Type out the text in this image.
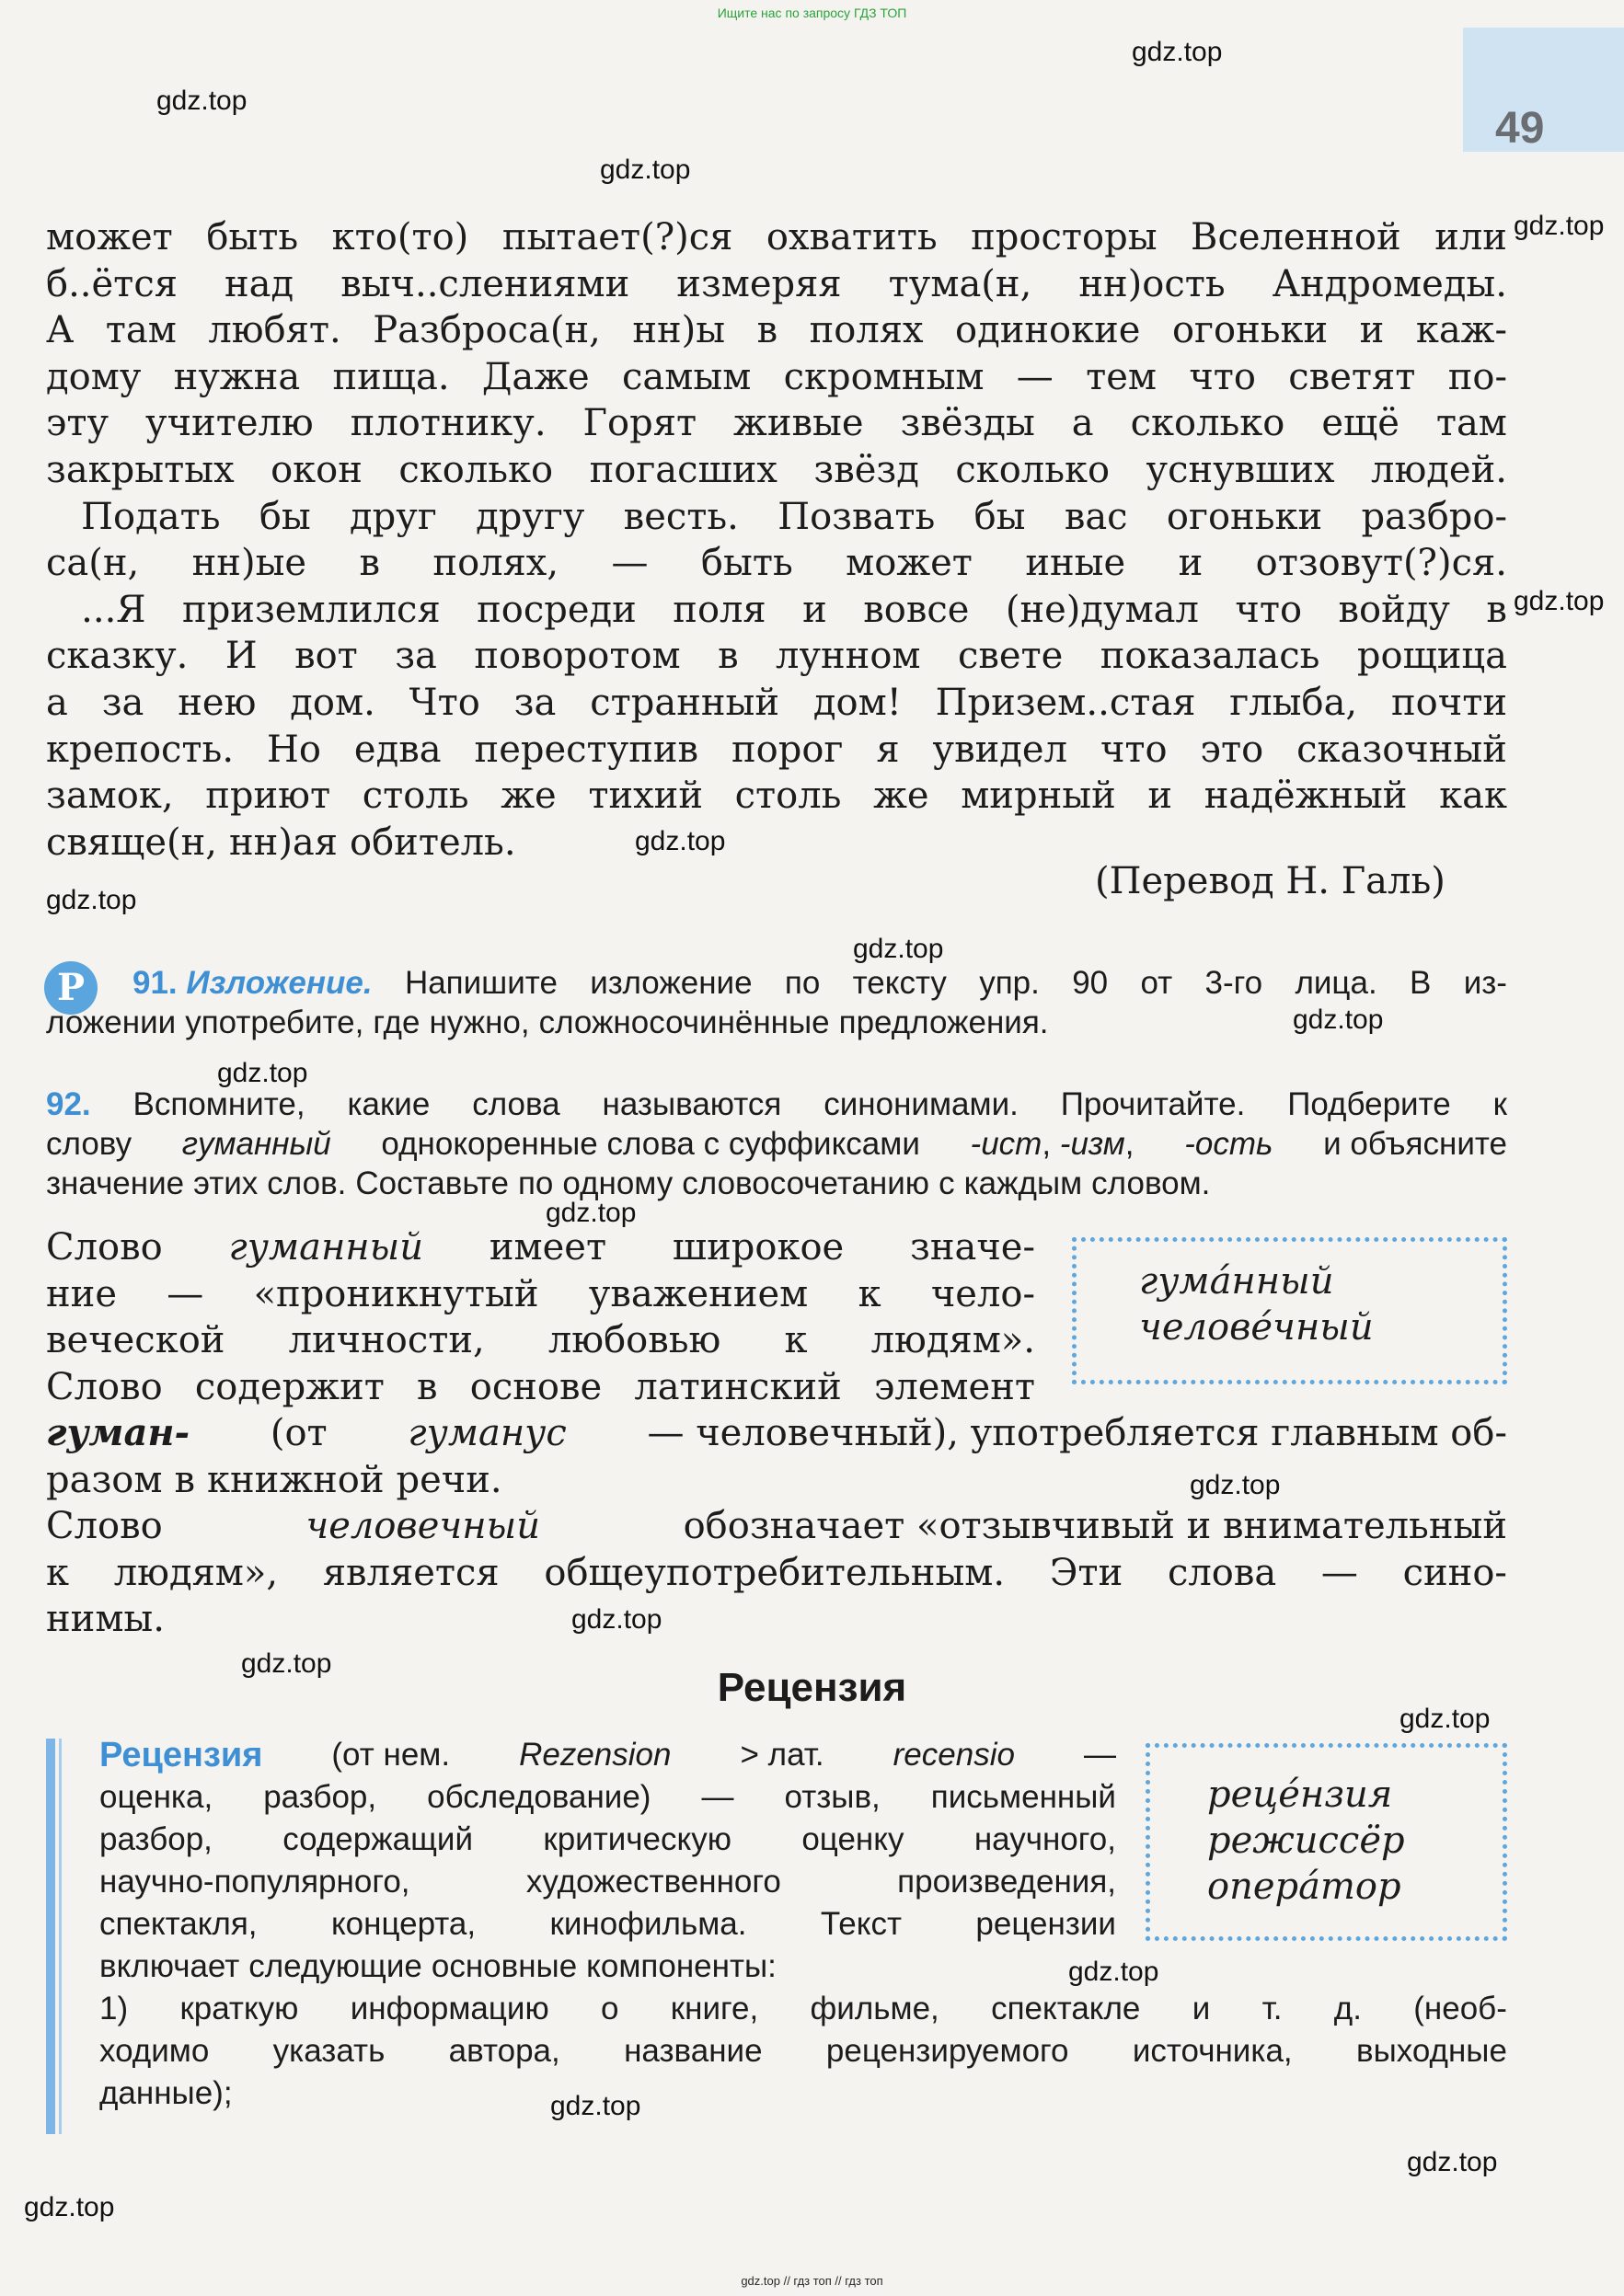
Ищите нас по запросу ГДЗ ТОП
49
gdz.top
gdz.top
gdz.top
gdz.top
gdz.top
gdz.top
gdz.top
gdz.top
gdz.top
gdz.top
gdz.top
gdz.top
gdz.top
gdz.top
gdz.top
gdz.top
gdz.top
gdz.top
gdz.top
может быть кто(то) пытает(?)ся охватить просторы Вселенной или
б..ётся над выч..слениями измеряя тума(н, нн)ость Андромеды.
А там любят. Разброса(н, нн)ы в полях одинокие огоньки и каж-
дому нужна пища. Даже самым скромным — тем что светят по-
эту учителю плотнику. Горят живые звёзды а сколько ещё там
закрытых окон сколько погасших звёзд сколько уснувших людей.
Подать бы друг другу весть. Позвать бы вас огоньки разбро-
са(н, нн)ые в полях, — быть может иные и отзовут(?)ся.
...Я приземлился посреди поля и вовсе (не)думал что войду в
сказку. И вот за поворотом в лунном свете показалась рощица
а за нею дом. Что за странный дом! Призем..стая глыба, почти
крепость. Но едва переступив порог я увидел что это сказочный
замок, приют столь же тихий столь же мирный и надёжный как
свяще(н, нн)ая обитель.
(Перевод Н. Галь)
Р	91. Изложение. Напишите изложение по тексту упр. 90 от 3-го лица. В из-
ложении употребите, где нужно, сложносочинённые предложения.
92. Вспомните, какие слова называются синонимами. Прочитайте. Подберите к
слову гуманный однокоренные слова с суффиксами -ист, -изм, -ость и объясните
значение этих слов. Составьте по одному словосочетанию с каждым словом.
Слово гуманный имеет широкое значе-
ние — «проникнутый уважением к чело-
веческой личности, любовью к людям».
Слово содержит в основе латинский элемент
гуман- (от гуманус — человечный), употребляется главным об-
разом в книжной речи.
Слово	человечный	обозначает «отзывчивый и внимательный
к людям», является общеупотребительным. Эти слова — сино-
нимы.
гума́нный
челове́чный
Рецензия
Рецензия (от нем. Rezension > лат. recensio —
оценка, разбор, обследование) — отзыв, письменный
разбор, содержащий критическую оценку научного,
научно-популярного,	художественного	произведения,
спектакля, концерта, кинофильма. Текст рецензии
включает следующие основные компоненты:
1) краткую информацию о книге, фильме, спектакле и т. д. (необ-
ходимо указать автора, название рецензируемого источника, выходные
данные);
реце́нзия
режиссёр
опера́тор
gdz.top // гдз топ // гдз топ
